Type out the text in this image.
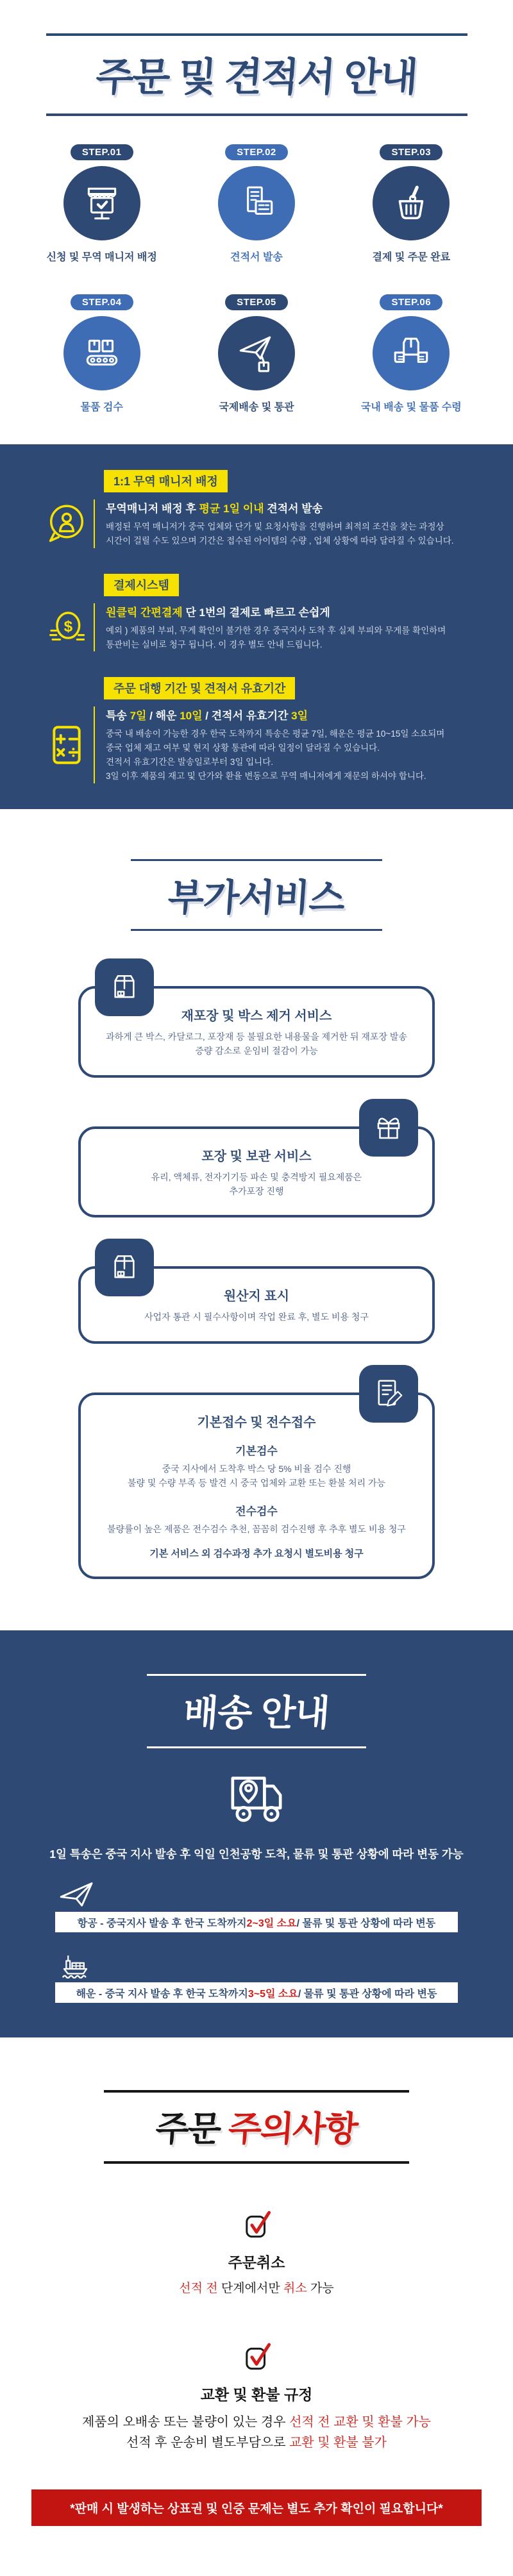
주문 및 견적서 안내
STEP.01
신청 및 무역 매니저 배정
STEP.02
견적서 발송
STEP.03
결제 및 주문 완료
STEP.04
물품 검수
STEP.05
국제배송 및 통관
STEP.06
국내 배송 및 물품 수령
1:1 무역 매니저 배정
무역매니저 배정 후 평균 1일 이내 견적서 발송
배정된 무역 매니저가 중국 업체와 단가 및 요청사항을 진행하며 최적의 조건을 찾는 과정상
시간이 걸릴 수도 있으며 기간은 접수된 아이템의 수량 , 업체 상황에 따라 달라질 수 있습니다.
결제시스템
$
원클릭 간편결제 단 1번의 결제로 빠르고 손쉽게
예외 ) 제품의 부피, 무게 확인이 불가한 경우 중국지사 도착 후 실제 부피와 무게를 확인하며
통관비는 실비로 청구 됩니다. 이 경우 별도 안내 드립니다.
주문 대행 기간 및 견적서 유효기간
특송 7일 / 해운 10일 / 견적서 유효기간 3일
중국 내 배송이 가능한 경우 한국 도착까지 특송은 평균 7일, 해운은 평균 10~15일 소요되며
중국 업체 재고 여부 및 현지 상황 통관에 따라 일정이 달라질 수 있습니다.
견적서 유효기간은 발송일로부터 3일 입니다.
3일 이후 제품의 재고 및 단가와 환율 변동으로 무역 매니저에게 재문의 하셔야 합니다.
부가서비스
재포장 및 박스 제거 서비스
과하게 큰 박스, 카달로그, 포장재 등 불필요한 내용물을 제거한 뒤 재포장 발송
증량 감소로 운임비 절감이 가능
포장 및 보관 서비스
유리, 액체류, 전자기기등 파손 및 충격방지 필요제품은
추가포장 진행
원산지 표시
사업자 통관 시 필수사항이며 작업 완료 후, 별도 비용 청구
기본접수 및 전수접수
기본검수
중국 지사에서 도착후 박스 당 5% 비율 검수 진행
불량 및 수량 부족 등 발견 시 중국 업체와 교환 또는 환불 처리 가능
전수검수
불량률이 높은 제품은 전수검수 추천, 꼼꼼히 검수진행 후 추후 별도 비용 청구
기본 서비스 외 검수과정 추가 요청시 별도비용 청구
배송 안내
1일 특송은 중국 지사 발송 후 익일 인천공항 도착, 물류 및 통관 상황에 따라 변동 가능
항공 - 중국지사 발송 후 한국 도착까지 2~3일 소요 / 물류 및 통관 상황에 따라 변동
해운 - 중국 지사 발송 후 한국 도착까지 3~5일 소요 / 물류 및 통관 상황에 따라 변동
주문 주의사항
주문취소
선적 전 단계에서만 취소 가능
교환 및 환불 규정
제품의 오배송 또는 불량이 있는 경우 선적 전 교환 및 환불 가능
선적 후 운송비 별도부담으로 교환 및 환불 불가
*판매 시 발생하는 상표권 및 인증 문제는 별도 추가 확인이 필요합니다*
